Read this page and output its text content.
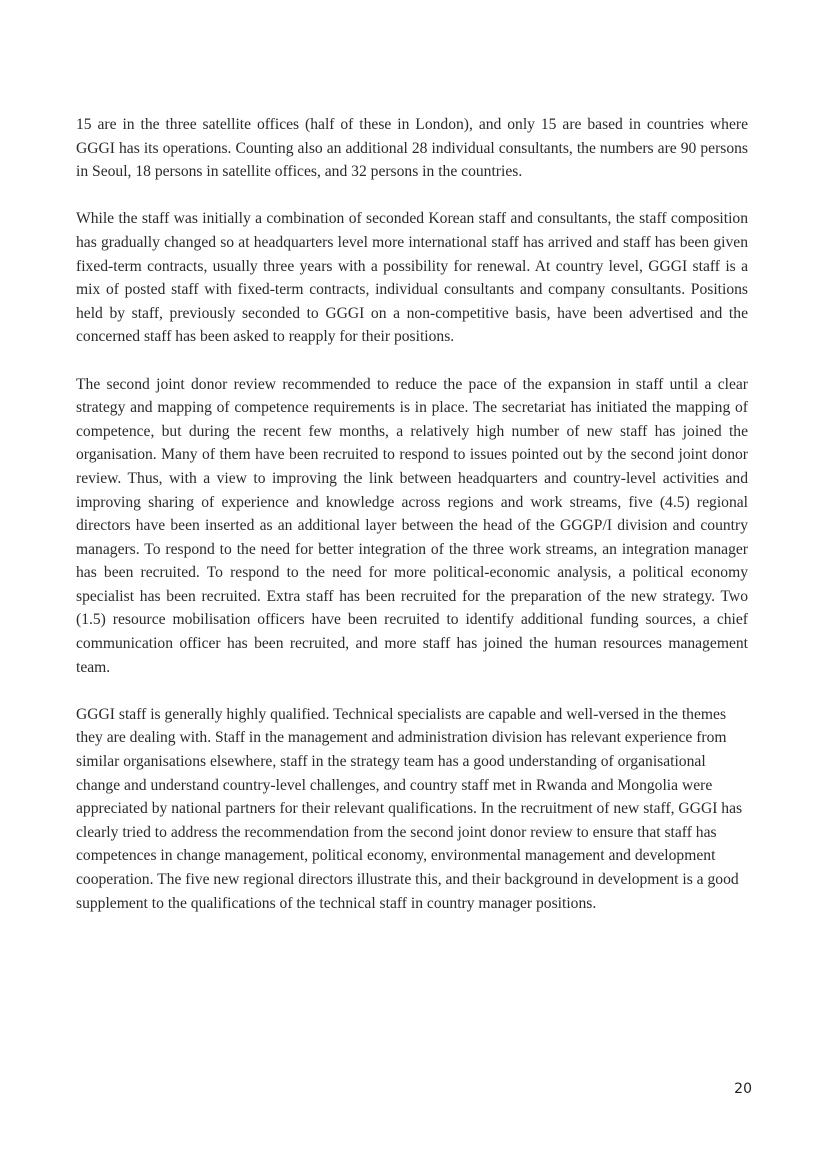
15 are in the three satellite offices (half of these in London), and only 15 are based in countries where GGGI has its operations. Counting also an additional 28 individual consultants, the numbers are 90 persons in Seoul, 18 persons in satellite offices, and 32 persons in the countries.

While the staff was initially a combination of seconded Korean staff and consultants, the staff composition has gradually changed so at headquarters level more international staff has arrived and staff has been given fixed-term contracts, usually three years with a possibility for renewal. At country level, GGGI staff is a mix of posted staff with fixed-term contracts, individual consultants and company consultants. Positions held by staff, previously seconded to GGGI on a non-competitive basis, have been advertised and the concerned staff has been asked to reapply for their positions.

The second joint donor review recommended to reduce the pace of the expansion in staff until a clear strategy and mapping of competence requirements is in place. The secretariat has initiated the mapping of competence, but during the recent few months, a relatively high number of new staff has joined the organisation. Many of them have been recruited to respond to issues pointed out by the second joint donor review. Thus, with a view to improving the link between headquarters and country-level activities and improving sharing of experience and knowledge across regions and work streams, five (4.5) regional directors have been inserted as an additional layer between the head of the GGGP/I division and country managers. To respond to the need for better integration of the three work streams, an integration manager has been recruited. To respond to the need for more political-economic analysis, a political economy specialist has been recruited. Extra staff has been recruited for the preparation of the new strategy. Two (1.5) resource mobilisation officers have been recruited to identify additional funding sources, a chief communication officer has been recruited, and more staff has joined the human resources management team.

GGGI staff is generally highly qualified. Technical specialists are capable and well-versed in the themes they are dealing with. Staff in the management and administration division has relevant experience from similar organisations elsewhere, staff in the strategy team has a good understanding of organisational change and understand country-level challenges, and country staff met in Rwanda and Mongolia were appreciated by national partners for their relevant qualifications. In the recruitment of new staff, GGGI has clearly tried to address the recommendation from the second joint donor review to ensure that staff has competences in change management, political economy, environmental management and development cooperation. The five new regional directors illustrate this, and their background in development is a good supplement to the qualifications of the technical staff in country manager positions.

20
